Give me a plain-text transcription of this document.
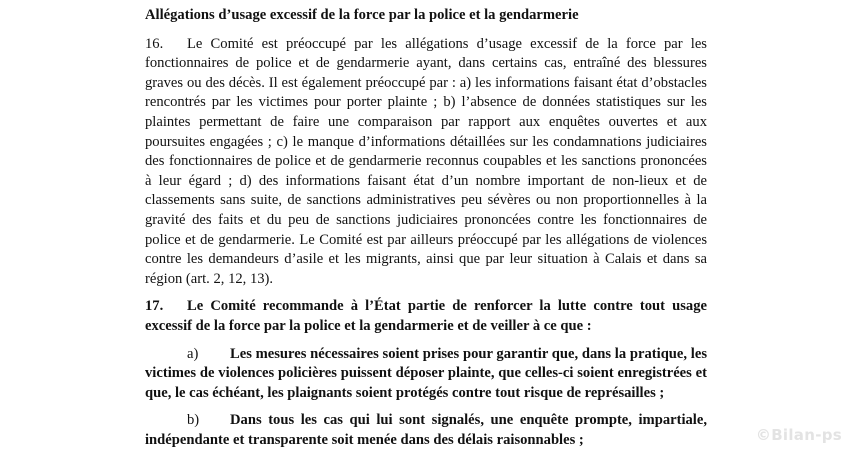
Allégations d’usage excessif de la force par la police et la gendarmerie

16. Le Comité est préoccupé par les allégations d’usage excessif de la force par les fonctionnaires de police et de gendarmerie ayant, dans certains cas, entraîné des blessures graves ou des décès. Il est également préoccupé par : a) les informations faisant état d’obstacles rencontrés par les victimes pour porter plainte ; b) l’absence de données statistiques sur les plaintes permettant de faire une comparaison par rapport aux enquêtes ouvertes et aux poursuites engagées ; c) le manque d’informations détaillées sur les condamnations judiciaires des fonctionnaires de police et de gendarmerie reconnus coupables et les sanctions prononcées à leur égard ; d) des informations faisant état d’un nombre important de non-lieux et de classements sans suite, de sanctions administratives peu sévères ou non proportionnelles à la gravité des faits et du peu de sanctions judiciaires prononcées contre les fonctionnaires de police et de gendarmerie. Le Comité est par ailleurs préoccupé par les allégations de violences contre les demandeurs d’asile et les migrants, ainsi que par leur situation à Calais et dans sa région (art. 2, 12, 13).

17. Le Comité recommande à l’État partie de renforcer la lutte contre tout usage excessif de la force par la police et la gendarmerie et de veiller à ce que :

a) Les mesures nécessaires soient prises pour garantir que, dans la pratique, les victimes de violences policières puissent déposer plainte, que celles-ci soient enregistrées et que, le cas échéant, les plaignants soient protégés contre tout risque de représailles ;

b) Dans tous les cas qui lui sont signalés, une enquête prompte, impartiale, indépendante et transparente soit menée dans des délais raisonnables ;	©Bilan-ps
